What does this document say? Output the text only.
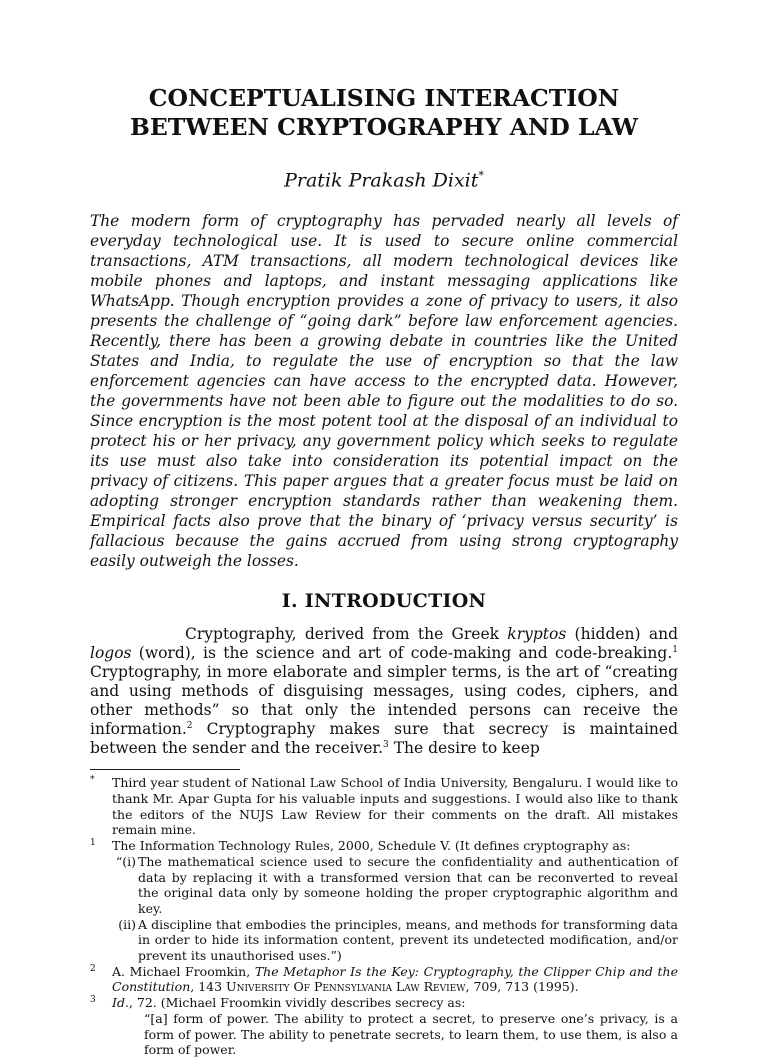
CONCEPTUALISING INTERACTION
BETWEEN CRYPTOGRAPHY AND LAW

Pratik Prakash Dixit*

The modern form of cryptography has pervaded nearly all levels of everyday technological use. It is used to secure online commercial transactions, ATM transactions, all modern technological devices like mobile phones and laptops, and instant messaging applications like WhatsApp. Though encryption provides a zone of privacy to users, it also presents the challenge of “going dark” before law enforcement agencies. Recently, there has been a growing debate in countries like the United States and India, to regulate the use of encryption so that the law enforcement agencies can have access to the encrypted data. However, the governments have not been able to figure out the modalities to do so. Since encryption is the most potent tool at the disposal of an individual to protect his or her privacy, any government policy which seeks to regulate its use must also take into consideration its potential impact on the privacy of citizens. This paper argues that a greater focus must be laid on adopting stronger encryption standards rather than weakening them. Empirical facts also prove that the binary of ‘privacy versus security’ is fallacious because the gains accrued from using strong cryptography easily outweigh the losses.

I. INTRODUCTION

Cryptography, derived from the Greek kryptos (hidden) and logos (word), is the science and art of code-making and code-breaking.$^1$ Cryptography, in more elaborate and simpler terms, is the art of “creating and using methods of disguising messages, using codes, ciphers, and other methods” so that only the intended persons can receive the information.$^2$ Cryptography makes sure that secrecy is maintained between the sender and the receiver.$^3$ The desire to keep

* Third year student of National Law School of India University, Bengaluru. I would like to thank Mr. Apar Gupta for his valuable inputs and suggestions. I would also like to thank the editors of the NUJS Law Review for their comments on the draft. All mistakes remain mine.
1 The Information Technology Rules, 2000, Schedule V. (It defines cryptography as:
“(i) The mathematical science used to secure the confidentiality and authentication of data by replacing it with a transformed version that can be reconverted to reveal the original data only by someone holding the proper cryptographic algorithm and key.
(ii) A discipline that embodies the principles, means, and methods for transforming data in order to hide its information content, prevent its undetected modification, and/or prevent its unauthorised uses.”)
2 A. Michael Froomkin, The Metaphor Is the Key: Cryptography, the Clipper Chip and the Constitution, 143 University Of Pennsylvania Law Review, 709, 713 (1995).
3 Id., 72. (Michael Froomkin vividly describes secrecy as:
“[a] form of power. The ability to protect a secret, to preserve one’s privacy, is a form of power. The ability to penetrate secrets, to learn them, to use them, is also a form of power.
